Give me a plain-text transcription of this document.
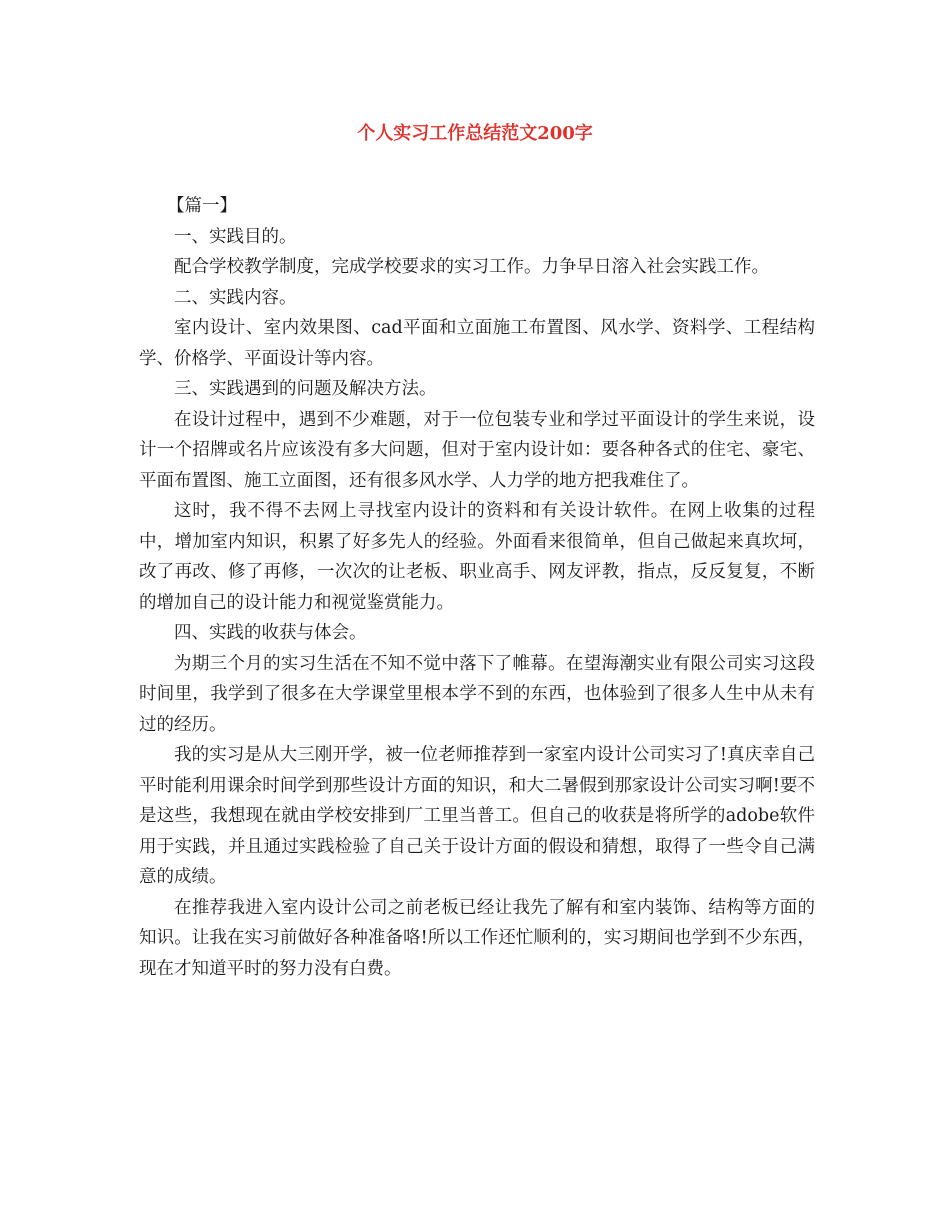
个人实习工作总结范文200字

【篇一】

一、实践目的。

配合学校教学制度，完成学校要求的实习工作。力争早日溶入社会实践工作。

二、实践内容。

室内设计、室内效果图、cad平面和立面施工布置图、风水学、资料学、工程结构学、价格学、平面设计等内容。

三、实践遇到的问题及解决方法。

在设计过程中，遇到不少难题，对于一位包装专业和学过平面设计的学生来说，设计一个招牌或名片应该没有多大问题，但对于室内设计如：要各种各式的住宅、豪宅、平面布置图、施工立面图，还有很多风水学、人力学的地方把我难住了。

这时，我不得不去网上寻找室内设计的资料和有关设计软件。在网上收集的过程中，增加室内知识，积累了好多先人的经验。外面看来很简单，但自己做起来真坎坷，改了再改、修了再修，一次次的让老板、职业高手、网友评教，指点，反反复复，不断的增加自己的设计能力和视觉鉴赏能力。

四、实践的收获与体会。

为期三个月的实习生活在不知不觉中落下了帷幕。在望海潮实业有限公司实习这段时间里，我学到了很多在大学课堂里根本学不到的东西，也体验到了很多人生中从未有过的经历。

我的实习是从大三刚开学，被一位老师推荐到一家室内设计公司实习了!真庆幸自己平时能利用课余时间学到那些设计方面的知识，和大二暑假到那家设计公司实习啊!要不是这些，我想现在就由学校安排到厂工里当普工。但自己的收获是将所学的adobe软件用于实践，并且通过实践检验了自己关于设计方面的假设和猜想，取得了一些令自己满意的成绩。

在推荐我进入室内设计公司之前老板已经让我先了解有和室内装饰、结构等方面的知识。让我在实习前做好各种准备咯!所以工作还忙顺利的，实习期间也学到不少东西，现在才知道平时的努力没有白费。
